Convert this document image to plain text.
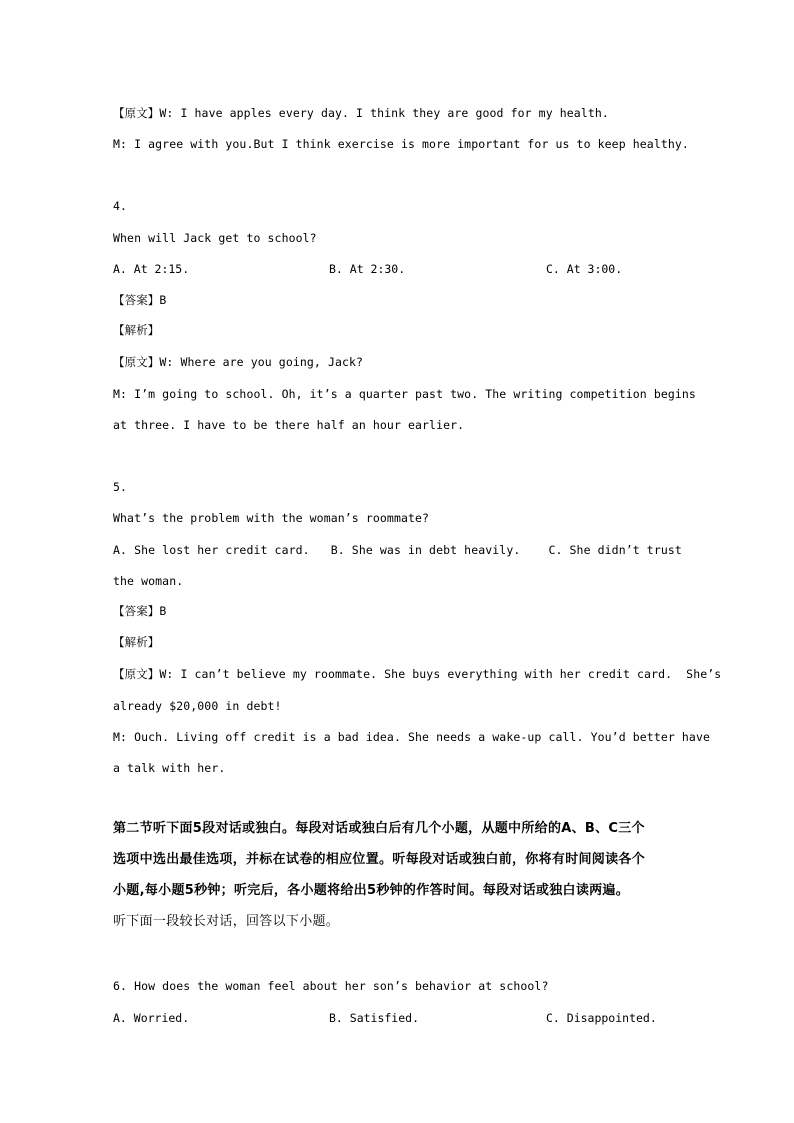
【原文】W: I have apples every day. I think they are good for my health.
M: I agree with you.But I think exercise is more important for us to keep healthy.
4.
When will Jack get to school?
A. At 2:15.	B. At 2:30.	C. At 3:00.
【答案】B
【解析】
【原文】W: Where are you going, Jack?
M: I’m going to school. Oh, it’s a quarter past two. The writing competition begins
at three. I have to be there half an hour earlier.
5.
What’s the problem with the woman’s roommate?
A. She lost her credit card.   B. She was in debt heavily.    C. She didn’t trust
the woman.
【答案】B
【解析】
【原文】W: I can’t believe my roommate. She buys everything with her credit card.  She’s
already $20,000 in debt!
M: Ouch. Living off credit is a bad idea. She needs a wake-up call. You’d better have
a talk with her.
第二节听下面5段对话或独白。每段对话或独白后有几个小题，从题中所给的A、B、C三个
选项中选出最佳选项，并标在试卷的相应位置。听每段对话或独白前，你将有时间阅读各个
小题,每小题5秒钟；听完后，各小题将给出5秒钟的作答时间。每段对话或独白读两遍。
听下面一段较长对话，回答以下小题。
6. How does the woman feel about her son’s behavior at school?
A. Worried.	B. Satisfied.	C. Disappointed.
